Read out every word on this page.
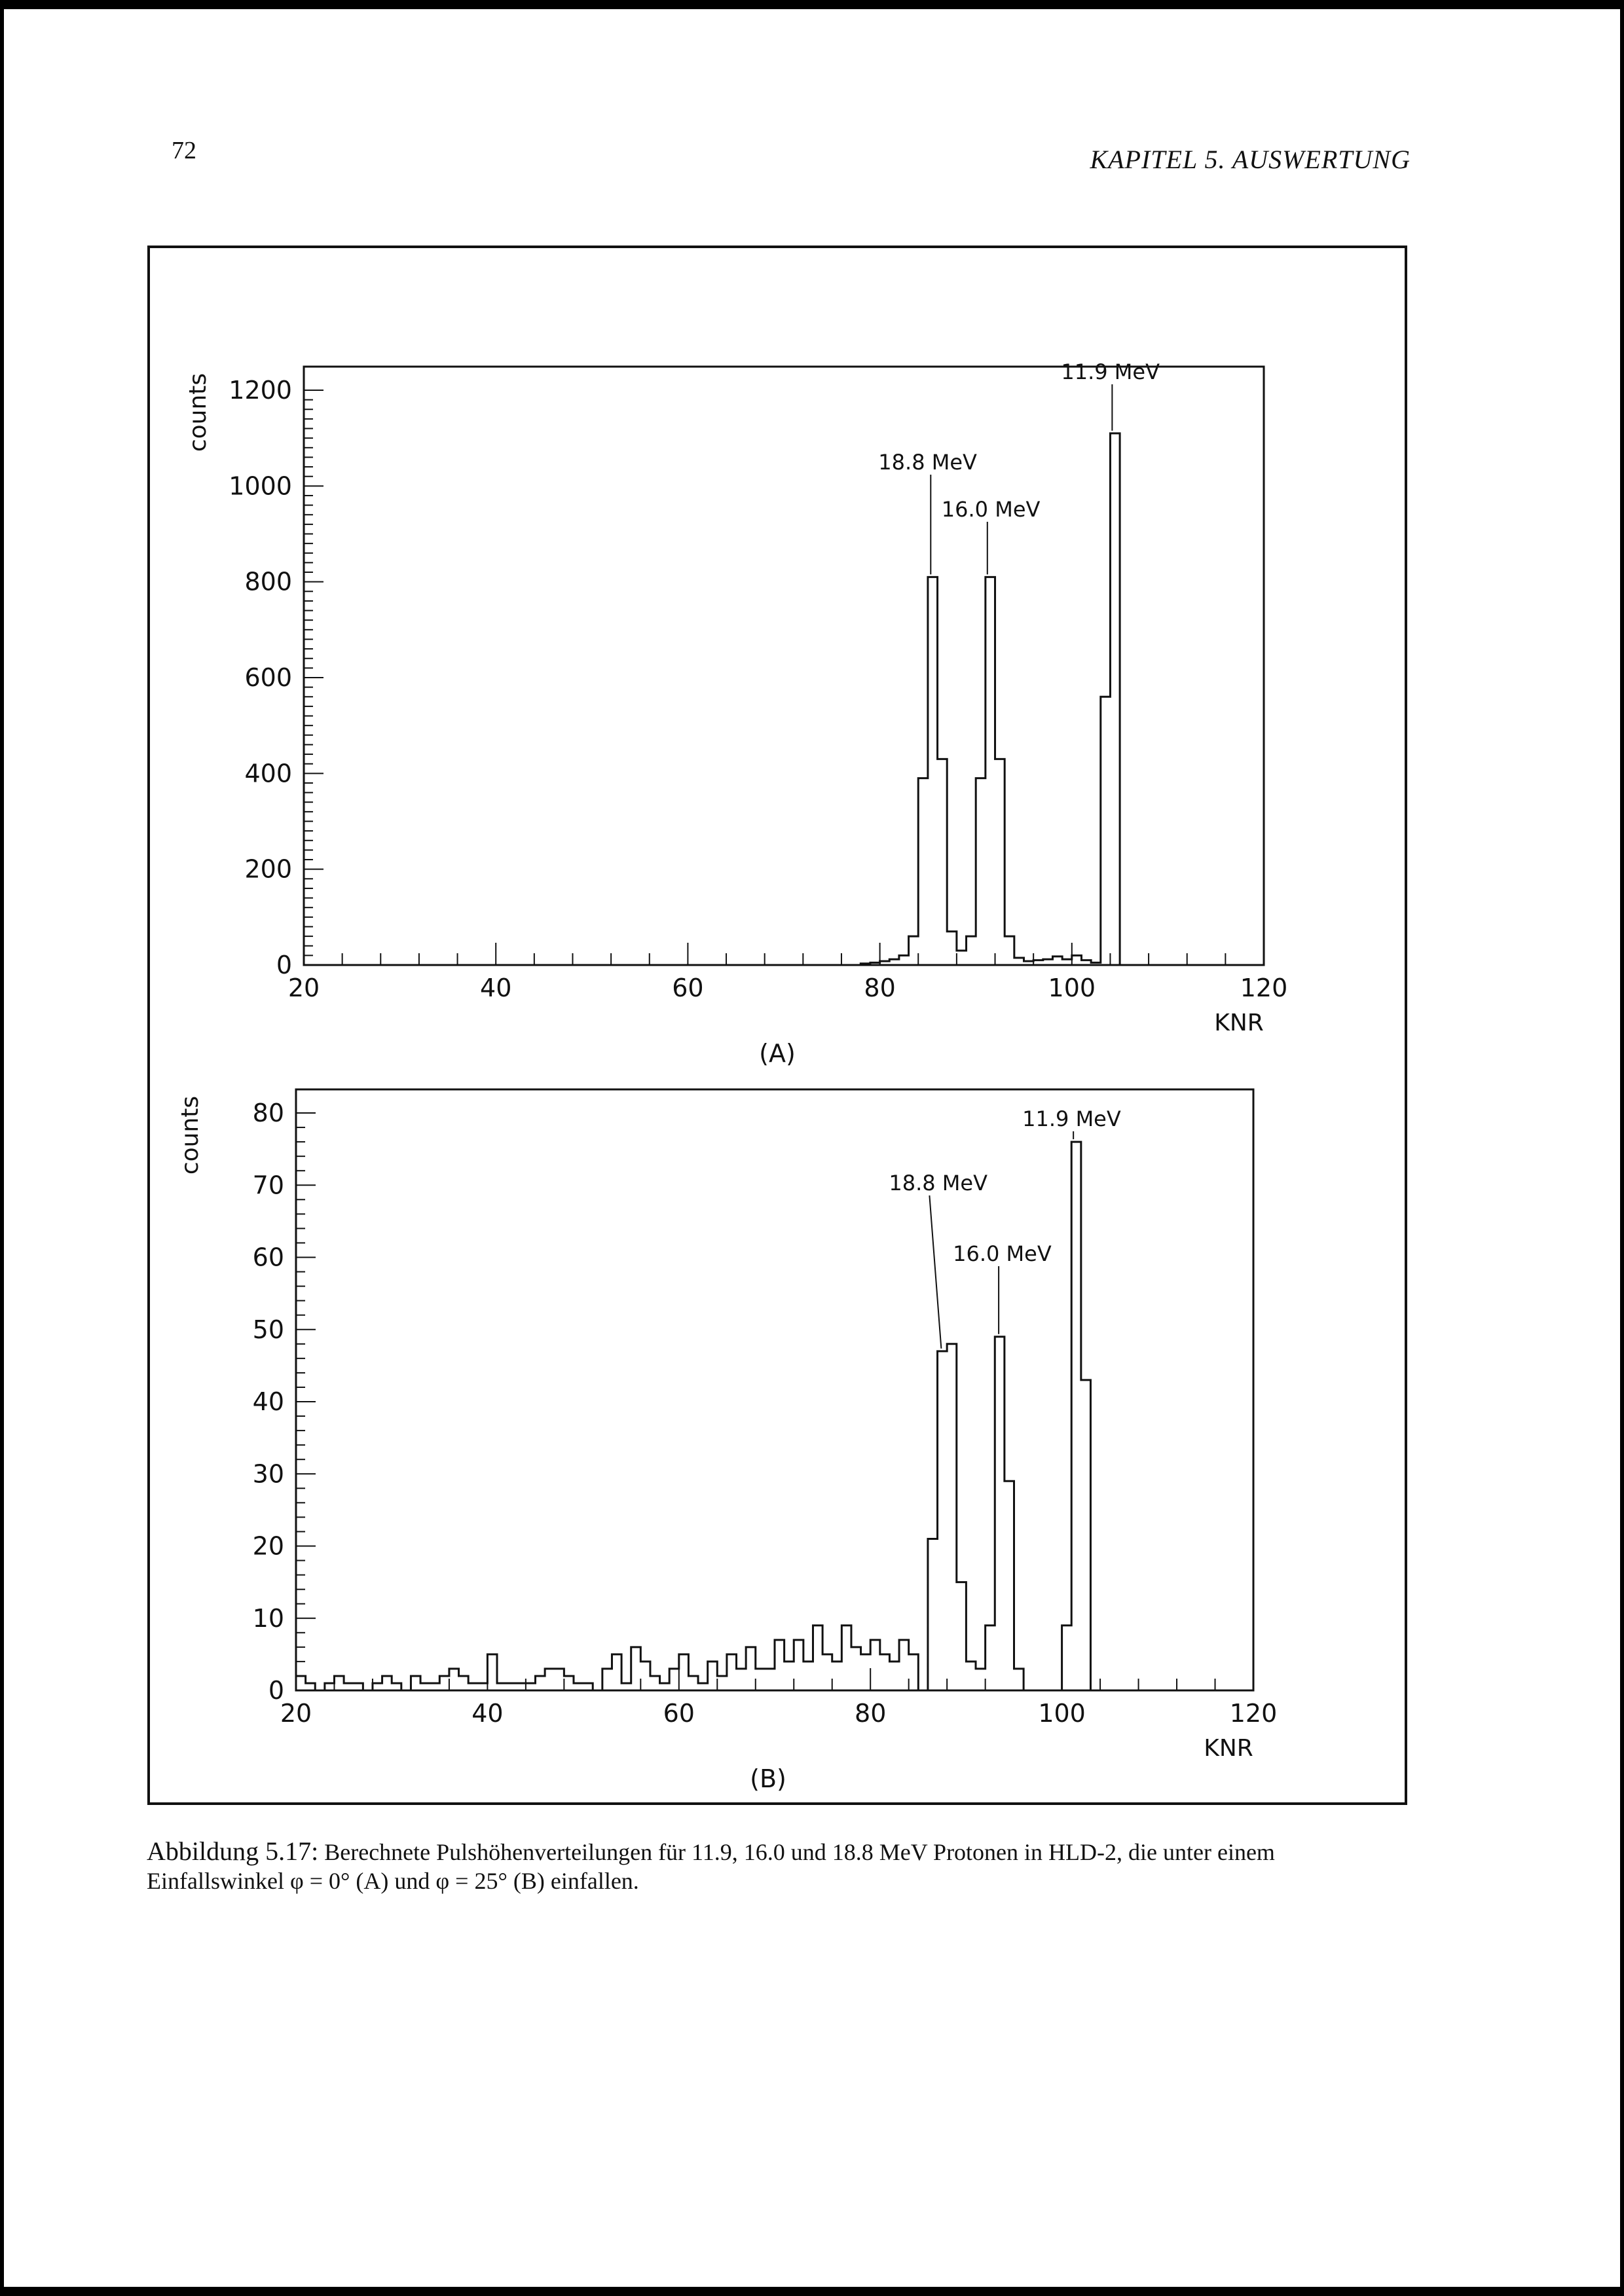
72	KAPITEL 5. AUSWERTUNG
0
200
400
600
800
1000
1200
20	40	60	80	100	120
KNR
counts
(A)
11.9 MeV
16.0 MeV
18.8 MeV
0
10
20
30
40
50
60
70
80
20	40	60	80	100	120
KNR
counts
(B)
11.9 MeV
16.0 MeV
18.8 MeV
Abbildung 5.17: Berechnete Pulshöhenverteilungen für 11.9, 16.0 und 18.8 MeV Protonen in HLD-2, die unter einem Einfallswinkel φ = 0° (A) und φ = 25° (B) einfallen.
